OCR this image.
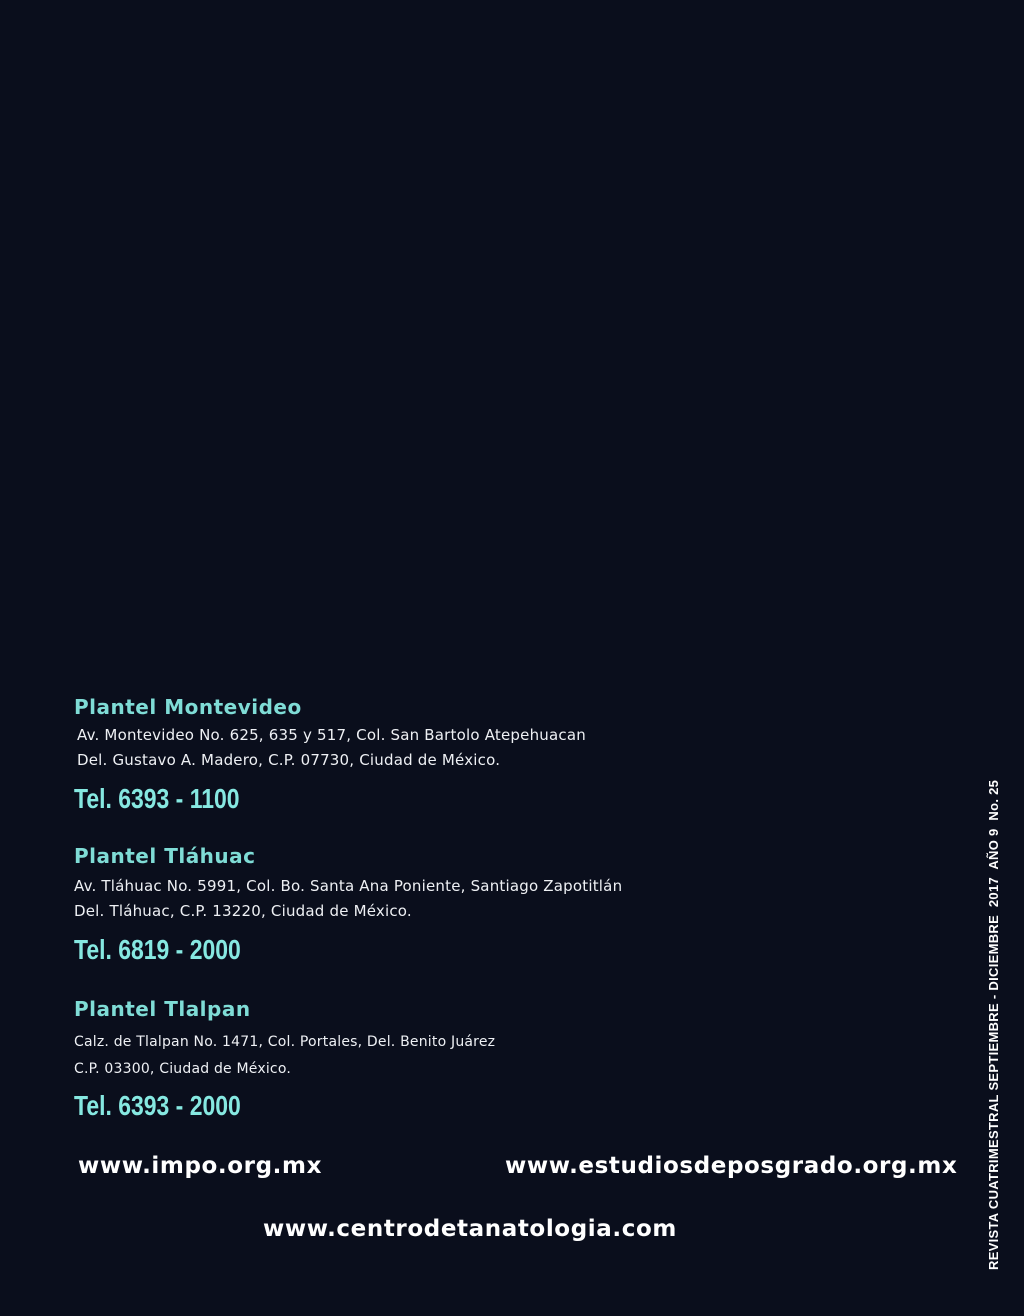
Plantel Montevideo
Av. Montevideo No. 625, 635 y 517, Col. San Bartolo Atepehuacan
Del. Gustavo A. Madero, C.P. 07730, Ciudad de México.
Tel. 6393 - 1100
Plantel Tláhuac
Av. Tláhuac No. 5991, Col. Bo. Santa Ana Poniente, Santiago Zapotitlán
Del. Tláhuac, C.P. 13220, Ciudad de México.
Tel. 6819 - 2000
Plantel Tlalpan
Calz. de Tlalpan No. 1471, Col. Portales, Del. Benito Juárez
C.P. 03300, Ciudad de México.
Tel. 6393 - 2000
www.impo.org.mx	www.estudiosdeposgrado.org.mx
www.centrodetanatologia.com	REVISTA CUATRIMESTRAL SEPTIEMBRE - DICIEMBRE  2017  AÑO 9  No. 25
